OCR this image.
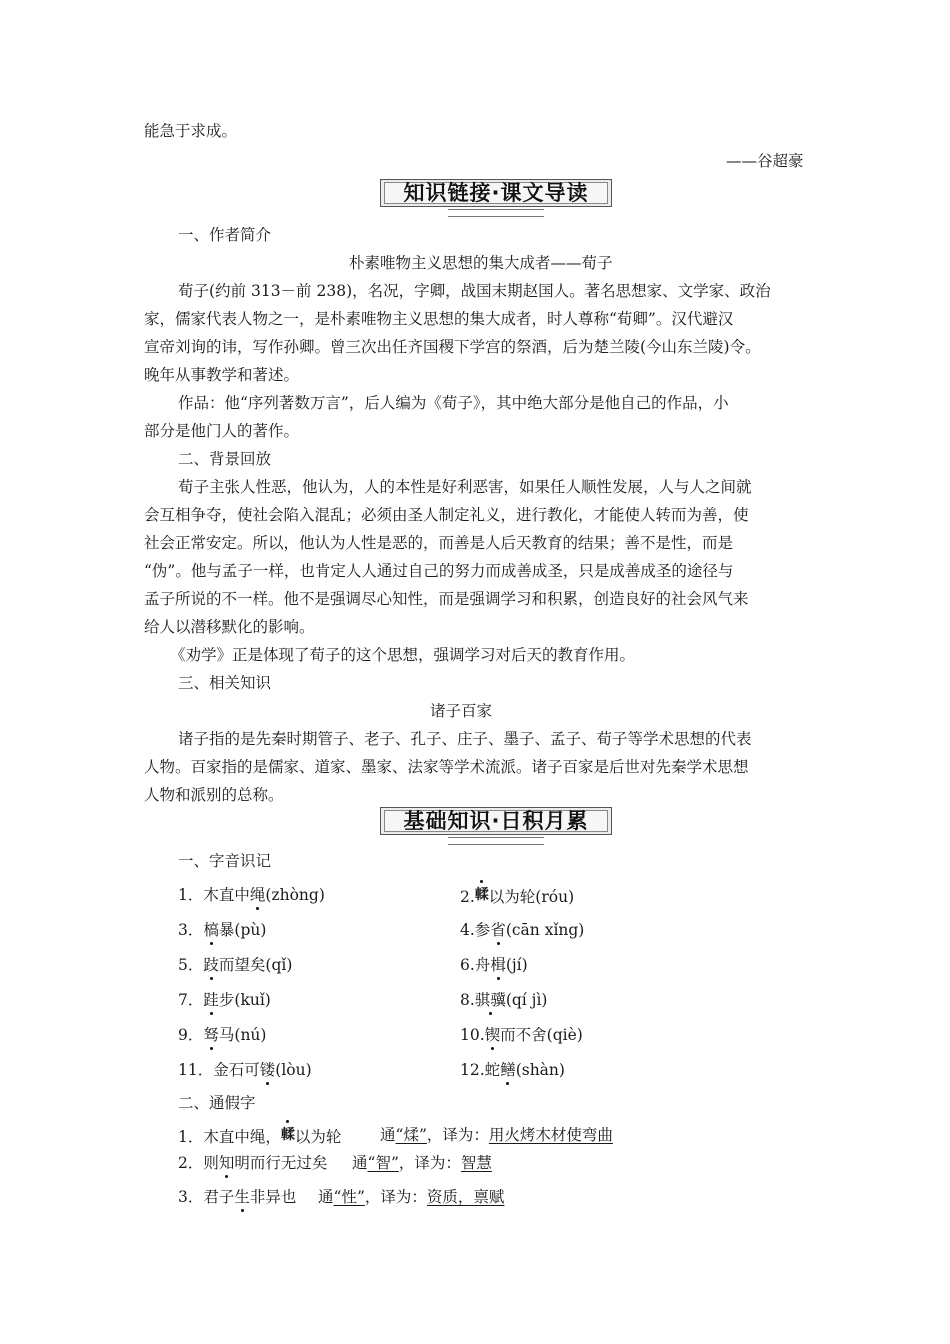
能急于求成。
——谷超豪
知识链接·课文导读
一、作者简介
朴素唯物主义思想的集大成者——荀子
荀子(约前 313－前 238)，名况，字卿，战国末期赵国人。著名思想家、文学家、政治
家，儒家代表人物之一，是朴素唯物主义思想的集大成者，时人尊称“荀卿”。汉代避汉
宣帝刘询的讳，写作孙卿。曾三次出任齐国稷下学宫的祭酒，后为楚兰陵(今山东兰陵)令。
晚年从事教学和著述。
作品：他“序列著数万言”，后人编为《荀子》，其中绝大部分是他自己的作品，小
部分是他门人的著作。
二、背景回放
荀子主张人性恶，他认为，人的本性是好利恶害，如果任人顺性发展，人与人之间就
会互相争夺，使社会陷入混乱；必须由圣人制定礼义，进行教化，才能使人转而为善，使
社会正常安定。所以，他认为人性是恶的，而善是人后天教育的结果；善不是性，而是
“伪”。他与孟子一样，也肯定人人通过自己的努力而成善成圣，只是成善成圣的途径与
孟子所说的不一样。他不是强调尽心知性，而是强调学习和积累，创造良好的社会风气来
给人以潜移默化的影响。
《劝学》正是体现了荀子的这个思想，强调学习对后天的教育作用。
三、相关知识
诸子百家
诸子指的是先秦时期管子、老子、孔子、庄子、墨子、孟子、荀子等学术思想的代表
人物。百家指的是儒家、道家、墨家、法家等学术流派。诸子百家是后世对先秦学术思想
人物和派别的总称。
基础知识·日积月累
一、字音识记
1．木直中绳(zhòng)	2.輮以为轮(róu)
3．槁暴(pù)	4.参省(cān xǐng)
5．跂而望矣(qǐ)	6.舟楫(jí)
7．跬步(kuǐ)	8.骐骥(qí jì)
9．驽马(nú)	10.锲而不舍(qiè)
11．金石可镂(lòu)	12.蛇鳝(shàn)
二、通假字
1．木直中绳，輮以为轮 通“煣”，译为：用火烤木材使弯曲
2．则知明而行无过矣 通“智”，译为：智慧
3．君子生非异也 通“性”，译为：资质，禀赋
